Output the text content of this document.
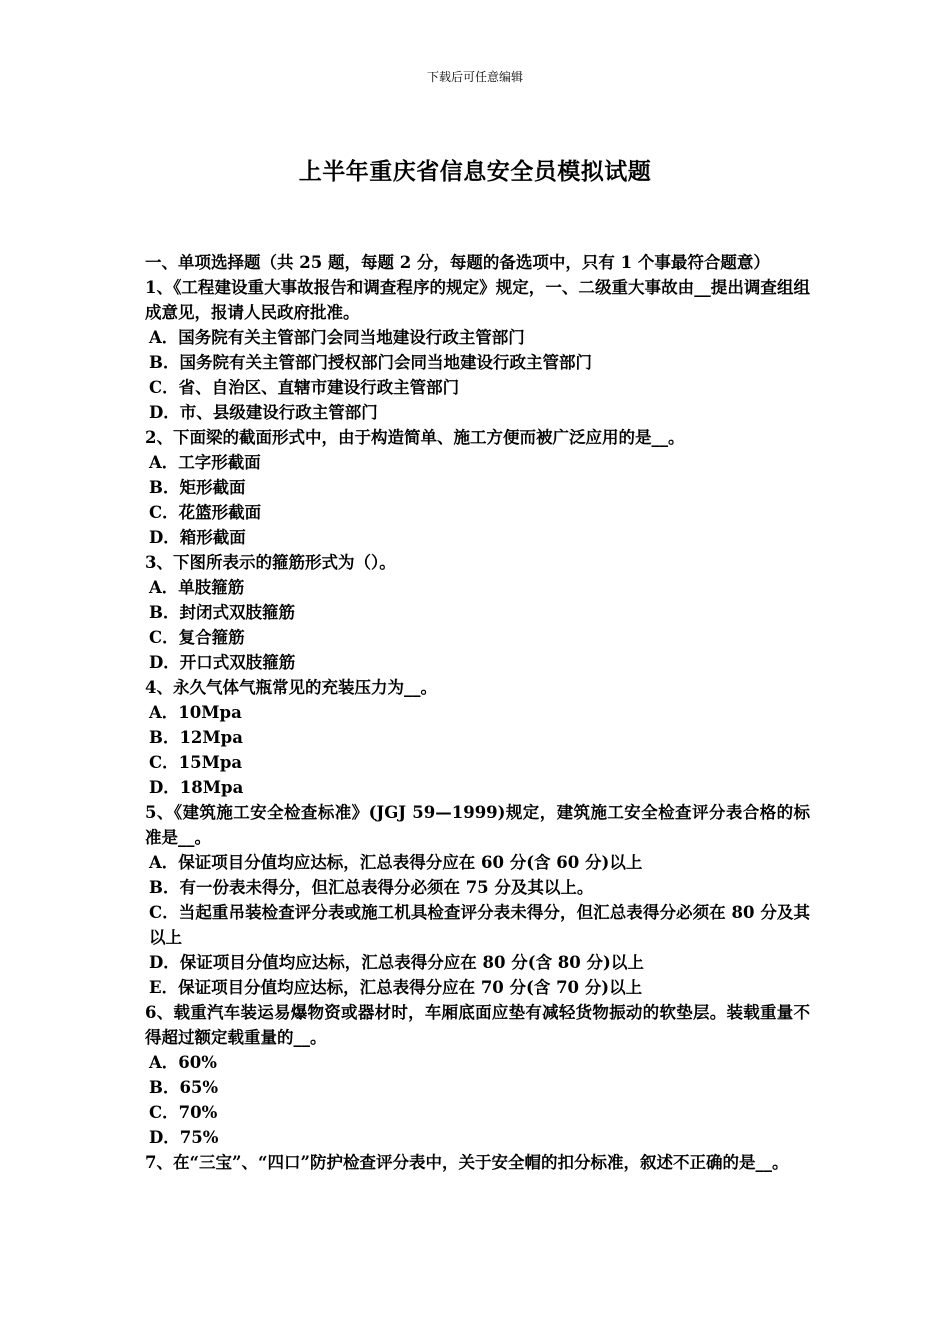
下载后可任意编辑
上半年重庆省信息安全员模拟试题
一、单项选择题（共 25 题，每题 2 分，每题的备选项中，只有 1 个事最符合题意）
1、《工程建设重大事故报告和调查程序的规定》规定，一、二级重大事故由__提出调查组组成意见，报请人民政府批准。
A．国务院有关主管部门会同当地建设行政主管部门
B．国务院有关主管部门授权部门会同当地建设行政主管部门
C．省、自治区、直辖市建设行政主管部门
D．市、县级建设行政主管部门
2、下面梁的截面形式中，由于构造简单、施工方便而被广泛应用的是__。
A．工字形截面
B．矩形截面
C．花篮形截面
D．箱形截面
3、下图所表示的箍筋形式为（）。
A．单肢箍筋
B．封闭式双肢箍筋
C．复合箍筋
D．开口式双肢箍筋
4、永久气体气瓶常见的充装压力为__。
A．10Mpa
B．12Mpa
C．15Mpa
D．18Mpa
5、《建筑施工安全检查标准》(JGJ 59—1999)规定，建筑施工安全检查评分表合格的标准是__。
A．保证项目分值均应达标，汇总表得分应在 60 分(含 60 分)以上
B．有一份表未得分，但汇总表得分必须在 75 分及其以上。
C．当起重吊装检查评分表或施工机具检查评分表未得分，但汇总表得分必须在 80 分及其以上
D．保证项目分值均应达标，汇总表得分应在 80 分(含 80 分)以上
E．保证项目分值均应达标，汇总表得分应在 70 分(含 70 分)以上
6、载重汽车装运易爆物资或器材时，车厢底面应垫有减轻货物振动的软垫层。装载重量不得超过额定载重量的__。
A．60%
B．65%
C．70%
D．75%
7、在“三宝”、“四口”防护检查评分表中，关于安全帽的扣分标准，叙述不正确的是__。
